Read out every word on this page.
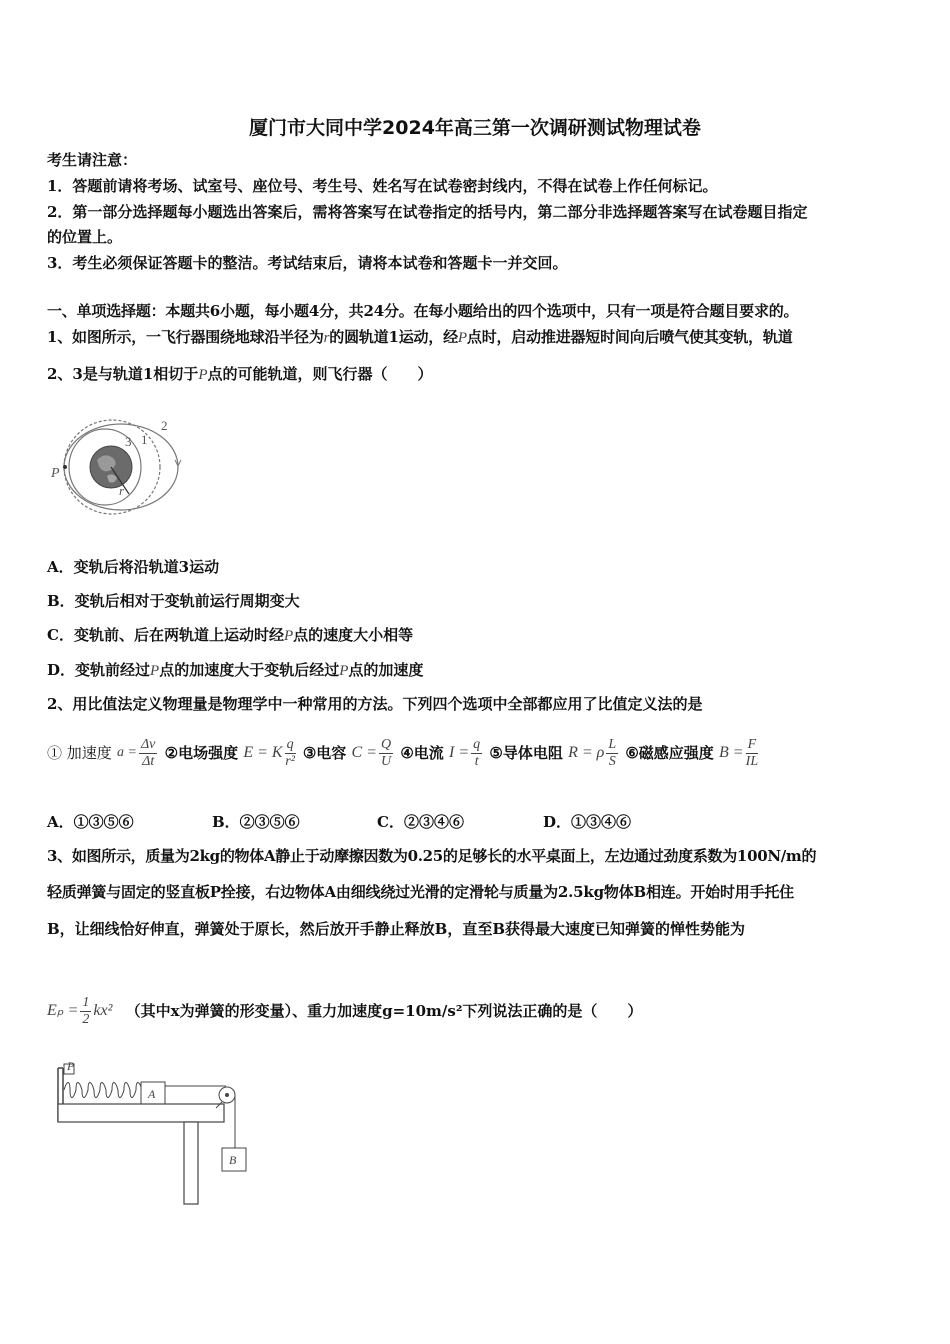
厦门市大同中学2024年高三第一次调研测试物理试卷
考生请注意：
1．答题前请将考场、试室号、座位号、考生号、姓名写在试卷密封线内，不得在试卷上作任何标记。
2．第一部分选择题每小题选出答案后，需将答案写在试卷指定的括号内，第二部分非选择题答案写在试卷题目指定
的位置上。
3．考生必须保证答题卡的整洁。考试结束后，请将本试卷和答题卡一并交回。
一、单项选择题：本题共6小题，每小题4分，共24分。在每小题给出的四个选项中，只有一项是符合题目要求的。
1、如图所示，一飞行器围绕地球沿半径为r的圆轨道1运动，经P点时，启动推进器短时间向后喷气使其变轨，轨道
2、3是与轨道1相切于P点的可能轨道，则飞行器（　　）
P
r
1
2
3
A．变轨后将沿轨道3运动
B．变轨后相对于变轨前运行周期变大
C．变轨前、后在两轨道上运动时经P点的速度大小相等
D．变轨前经过P点的加速度大于变轨后经过P点的加速度
2、用比值法定义物理量是物理学中一种常用的方法。下列四个选项中全部都应用了比值定义法的是
① 加速度 $a = \frac{\Delta v}{\Delta t}$ ②电场强度 E = K $\frac{q}{\text{r²}}$ ③电容 $C = \frac{Q}{U}$ ④电流 $I = \frac{q}{t}$ ⑤导体电阻 R = ρ $\frac{L}{S}$ ⑥磁感应强度 $B = \frac{F}{IL}$
A．①③⑤⑥	B．②③⑤⑥	C．②③④⑥	D．①③④⑥
3、如图所示，质量为2kg的物体A静止于动摩擦因数为0.25的足够长的水平桌面上，左边通过劲度系数为100N/m的
轻质弹簧与固定的竖直板P拴接，右边物体A由细线绕过光滑的定滑轮与质量为2.5kg物体B相连。开始时用手托住
B，让细线恰好伸直，弹簧处于原长，然后放开手静止释放B，直至B获得最大速度已知弹簧的惮性势能为
$E_p = \frac{1}{2} kx^2$ （其中x为弹簧的形变量）、重力加速度g=10m/s²下列说法正确的是（　　）
P
A
B
